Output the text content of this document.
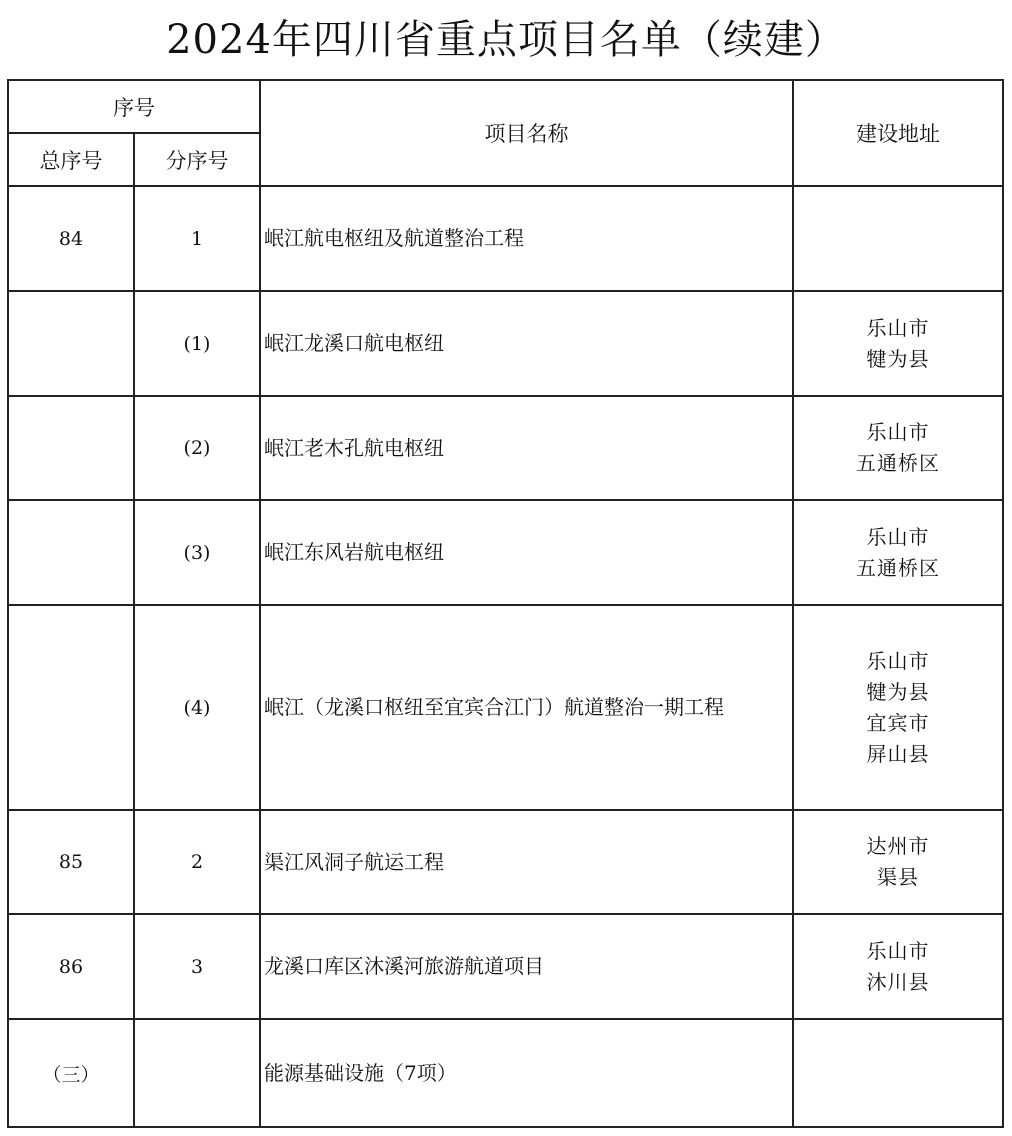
2024年四川省重点项目名单（续建）
序号		项目名称	建设地址
总序号	分序号		
84	1	岷江航电枢纽及航道整治工程	
	(1)	岷江龙溪口航电枢纽	乐山市
犍为县

	(2)	岷江老木孔航电枢纽	乐山市
五通桥区

	(3)	岷江东风岩航电枢纽	乐山市
五通桥区

	(4)	岷江（龙溪口枢纽至宜宾合江门）航道整治一期工程	乐山市
犍为县
宜宾市
屏山县

85	2	渠江风洞子航运工程	达州市
渠县

86	3	龙溪口库区沐溪河旅游航道项目	乐山市
沐川县

（三）		能源基础设施（7项）	
